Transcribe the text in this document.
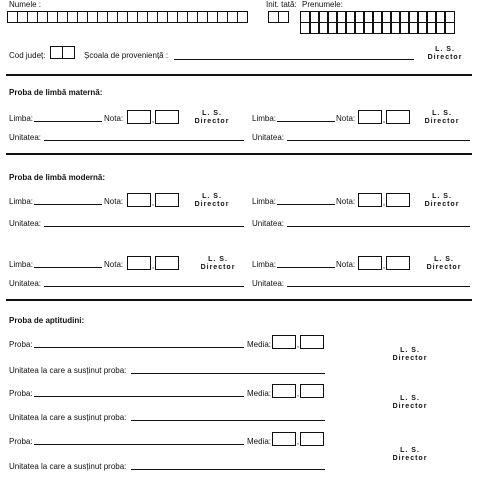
Numele :	Init. tată: Prenumele:
Cod județ:	Școala de proveniență :
L. S.
Director
Proba de limbă maternă:
Limba:	Nota:	,
L. S.
Director	Limba:	Nota:	,
L. S.
Director
Unitatea:	Unitatea:
Proba de limbă modernă:
Limba:	Nota:	,
L. S.
Director	Limba:	Nota:	,
L. S.
Director
Unitatea:	Unitatea:
Limba:	Nota:	,
L. S.
Director	Limba:	Nota:	,
L. S.
Director
Unitatea:	Unitatea:
Proba de aptitudini:
Proba:	Media:	,
Unitatea la care a susținut proba:
L. S.
Director
Proba:	Media:	,
Unitatea la care a susținut proba:
L. S.
Director
Proba:	Media:	,
Unitatea la care a susținut proba:
L. S.
Director
